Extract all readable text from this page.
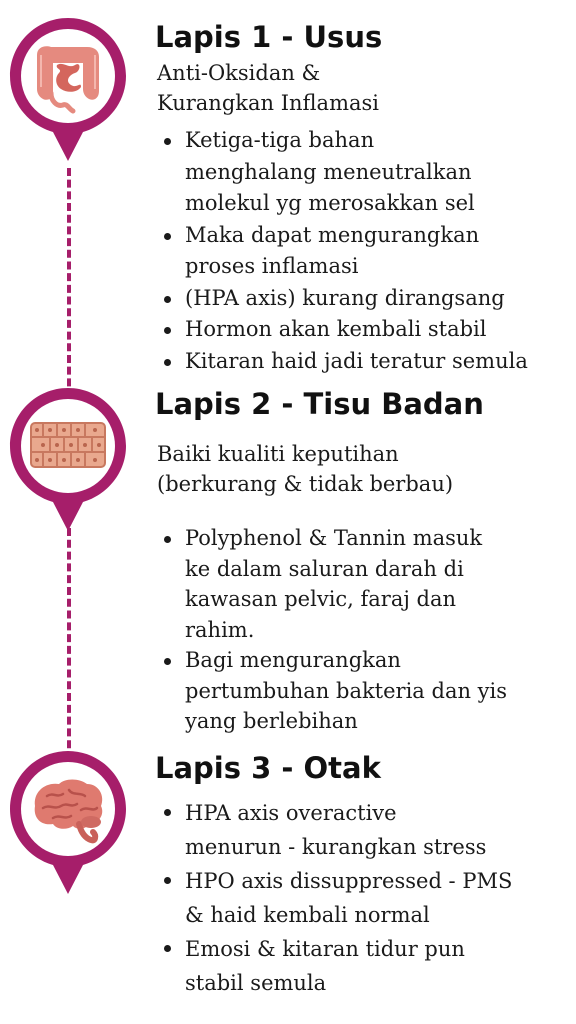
Lapis 1 - Usus

Anti-Oksidan &

Kurangkan Inflamasi

Ketiga-tiga bahan
menghalang meneutralkan
molekul yg merosakkan sel
Maka dapat mengurangkan
proses inflamasi
(HPA axis) kurang dirangsang
Hormon akan kembali stabil
Kitaran haid jadi teratur semula
Lapis 2 - Tisu Badan

Baiki kualiti keputihan

(berkurang & tidak berbau)

Polyphenol & Tannin masuk
ke dalam saluran darah di
kawasan pelvic, faraj dan
rahim.
Bagi mengurangkan
pertumbuhan bakteria dan yis
yang berlebihan
Lapis 3 - Otak
HPA axis overactive
menurun - kurangkan stress
HPO axis dissuppressed - PMS
& haid kembali normal
Emosi & kitaran tidur pun
stabil semula
